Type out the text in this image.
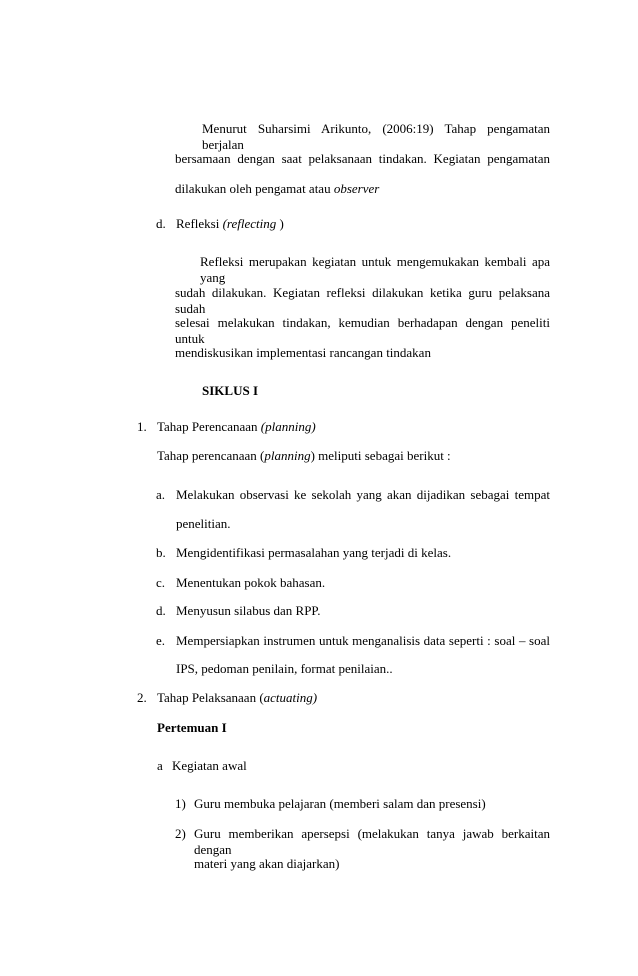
Menurut Suharsimi Arikunto, (2006:19) Tahap pengamatan berjalan
bersamaan dengan saat pelaksanaan tindakan. Kegiatan pengamatan
dilakukan oleh pengamat atau observer
d. Refleksi (reflecting )
Refleksi merupakan kegiatan untuk mengemukakan kembali apa yang
sudah dilakukan. Kegiatan refleksi dilakukan ketika guru pelaksana sudah
selesai melakukan tindakan, kemudian berhadapan dengan peneliti untuk
mendiskusikan implementasi rancangan tindakan
SIKLUS I
1. Tahap Perencanaan (planning)
Tahap perencanaan (planning) meliputi sebagai berikut :
a. Melakukan observasi ke sekolah yang akan dijadikan sebagai tempat
penelitian.
b. Mengidentifikasi permasalahan yang terjadi di kelas.
c. Menentukan pokok bahasan.
d. Menyusun silabus dan RPP.
e. Mempersiapkan instrumen untuk menganalisis data seperti : soal – soal
IPS, pedoman penilain, format penilaian..
2. Tahap Pelaksanaan (actuating)
Pertemuan I
a Kegiatan awal
1) Guru membuka pelajaran (memberi salam dan presensi)
2) Guru memberikan apersepsi (melakukan tanya jawab berkaitan dengan
materi yang akan diajarkan)
